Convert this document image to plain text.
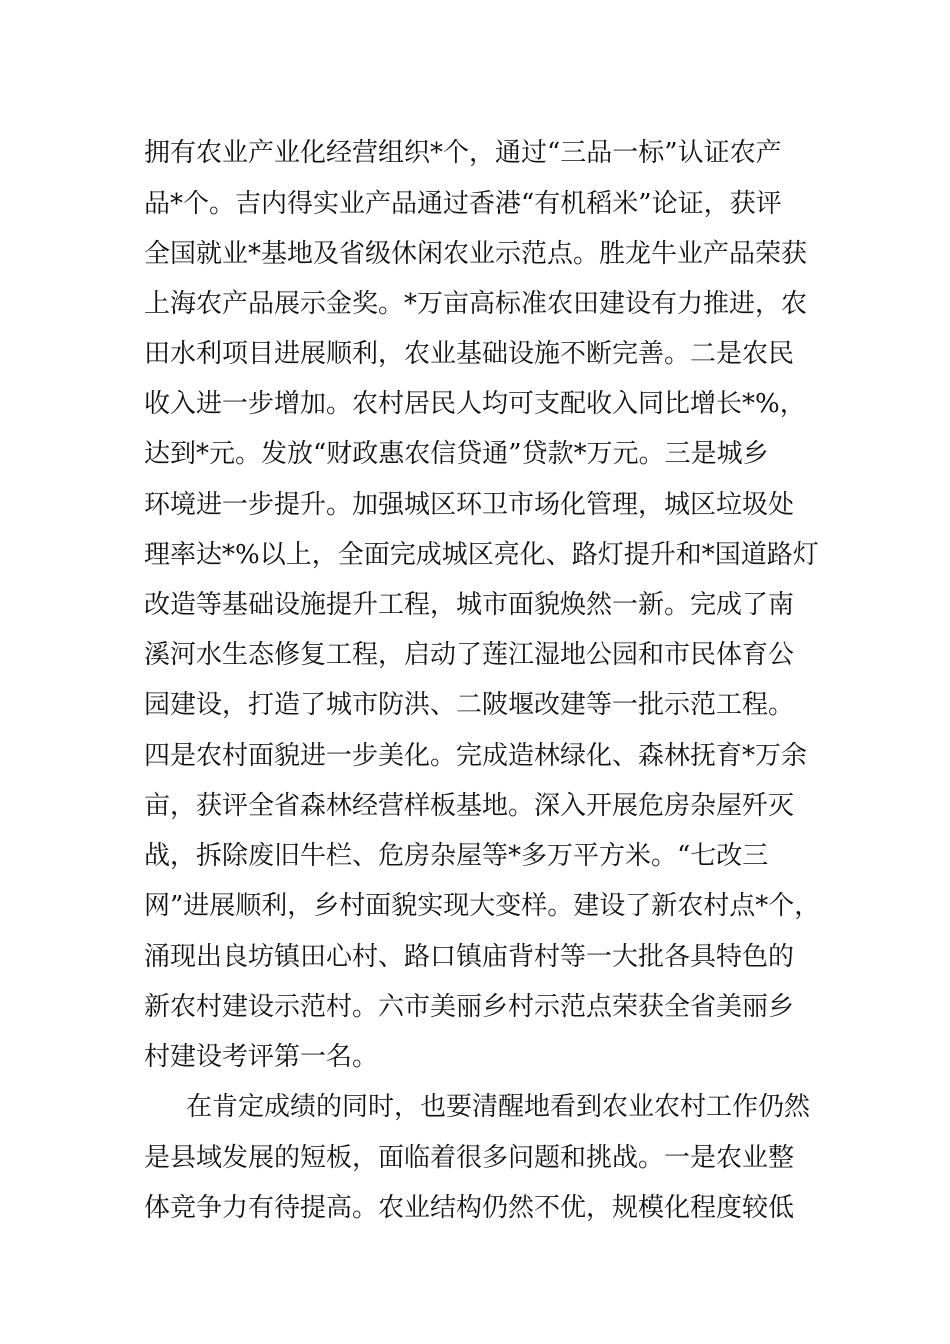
拥有农业产业化经营组织*个，通过“三品一标”认证农产
品*个。吉内得实业产品通过香港“有机稻米”论证，获评
全国就业*基地及省级休闲农业示范点。胜龙牛业产品荣获
上海农产品展示金奖。*万亩高标准农田建设有力推进，农
田水利项目进展顺利，农业基础设施不断完善。二是农民
收入进一步增加。农村居民人均可支配收入同比增长*%，
达到*元。发放“财政惠农信贷通”贷款*万元。三是城乡
环境进一步提升。加强城区环卫市场化管理，城区垃圾处
理率达*%以上，全面完成城区亮化、路灯提升和*国道路灯
改造等基础设施提升工程，城市面貌焕然一新。完成了南
溪河水生态修复工程，启动了莲江湿地公园和市民体育公
园建设，打造了城市防洪、二陂堰改建等一批示范工程。
四是农村面貌进一步美化。完成造林绿化、森林抚育*万余
亩，获评全省森林经营样板基地。深入开展危房杂屋歼灭
战，拆除废旧牛栏、危房杂屋等*多万平方米。“七改三
网”进展顺利，乡村面貌实现大变样。建设了新农村点*个，
涌现出良坊镇田心村、路口镇庙背村等一大批各具特色的
新农村建设示范村。六市美丽乡村示范点荣获全省美丽乡
村建设考评第一名。
在肯定成绩的同时，也要清醒地看到农业农村工作仍然
是县域发展的短板，面临着很多问题和挑战。一是农业整
体竞争力有待提高。农业结构仍然不优，规模化程度较低
